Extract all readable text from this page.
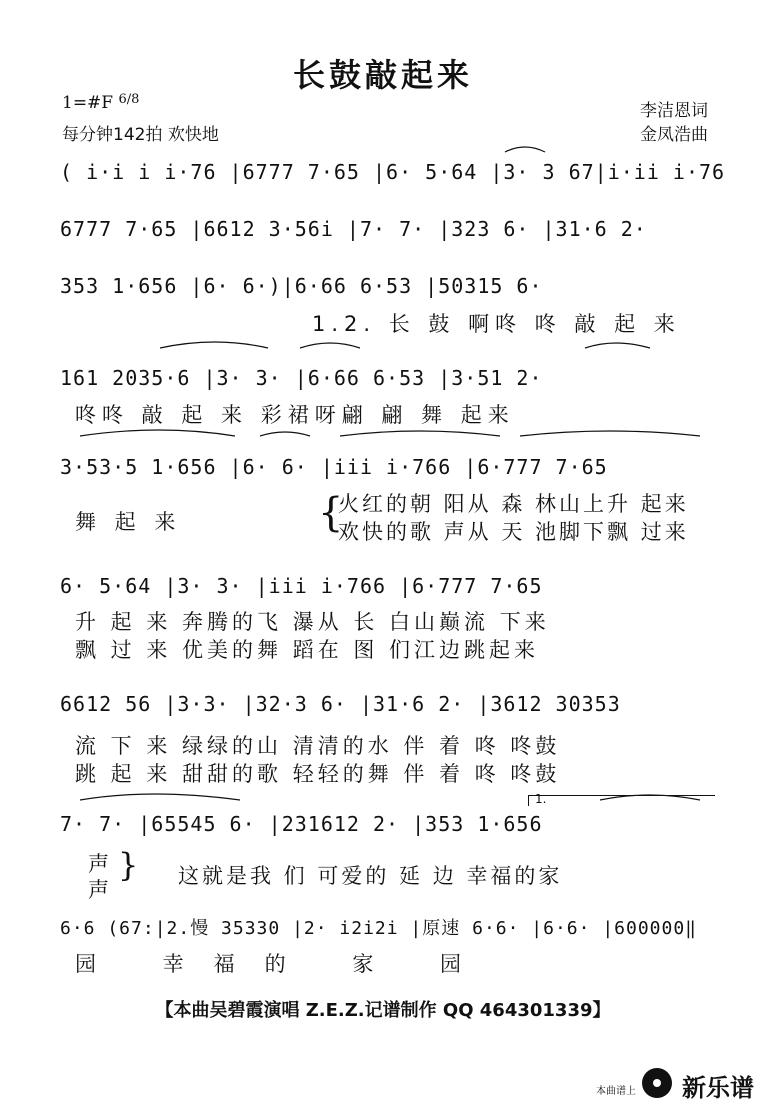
长鼓敲起来
1=#F $^{6/8}$
每分钟142拍 欢快地
李洁恩词
金凤浩曲
( i·i i i·76 |6777 7·65 |6· 5·64 |3· 3 67|i·ii i·76
6777 7·65 |6612 3·56i |7· 7· |323 6· |31·6 2·
353 1·656 |6· 6·)|6·66 6·53 |50315 6·
1.2. 长 鼓 啊咚 咚 敲 起 来
161 2035·6 |3· 3· |6·66 6·53 |3·51 2·
咚咚 敲 起 来 彩裙呀翩 翩 舞 起来
3·53·5 1·656 |6· 6· |iii i·766 |6·777 7·65
舞 起 来	{
火红的朝 阳从 森 林山上升 起来
欢快的歌 声从 天 池脚下飘 过来
6· 5·64 |3· 3· |iii i·766 |6·777 7·65
升 起 来 奔腾的飞 瀑从 长 白山巅流 下来
飘 过 来 优美的舞 蹈在 图 们江边跳起来
6612 56 |3·3· |32·3 6· |31·6 2· |3612 30353
流 下 来 绿绿的山 清清的水 伴 着 咚 咚鼓
跳 起 来 甜甜的歌 轻轻的舞 伴 着 咚 咚鼓
1.
7· 7· |65545 6· |231612 2· |353 1·656
声
声
} 这就是我 们 可爱的 延 边 幸福的家
6·6 (67:|2.慢 35330 |2· i2i2i |原速 6·6· |6·6· |600000‖
园 幸福的 家 园
【本曲吴碧霞演唱 Z.E.Z.记谱制作 QQ 464301339】
本曲谱上 新乐谱
